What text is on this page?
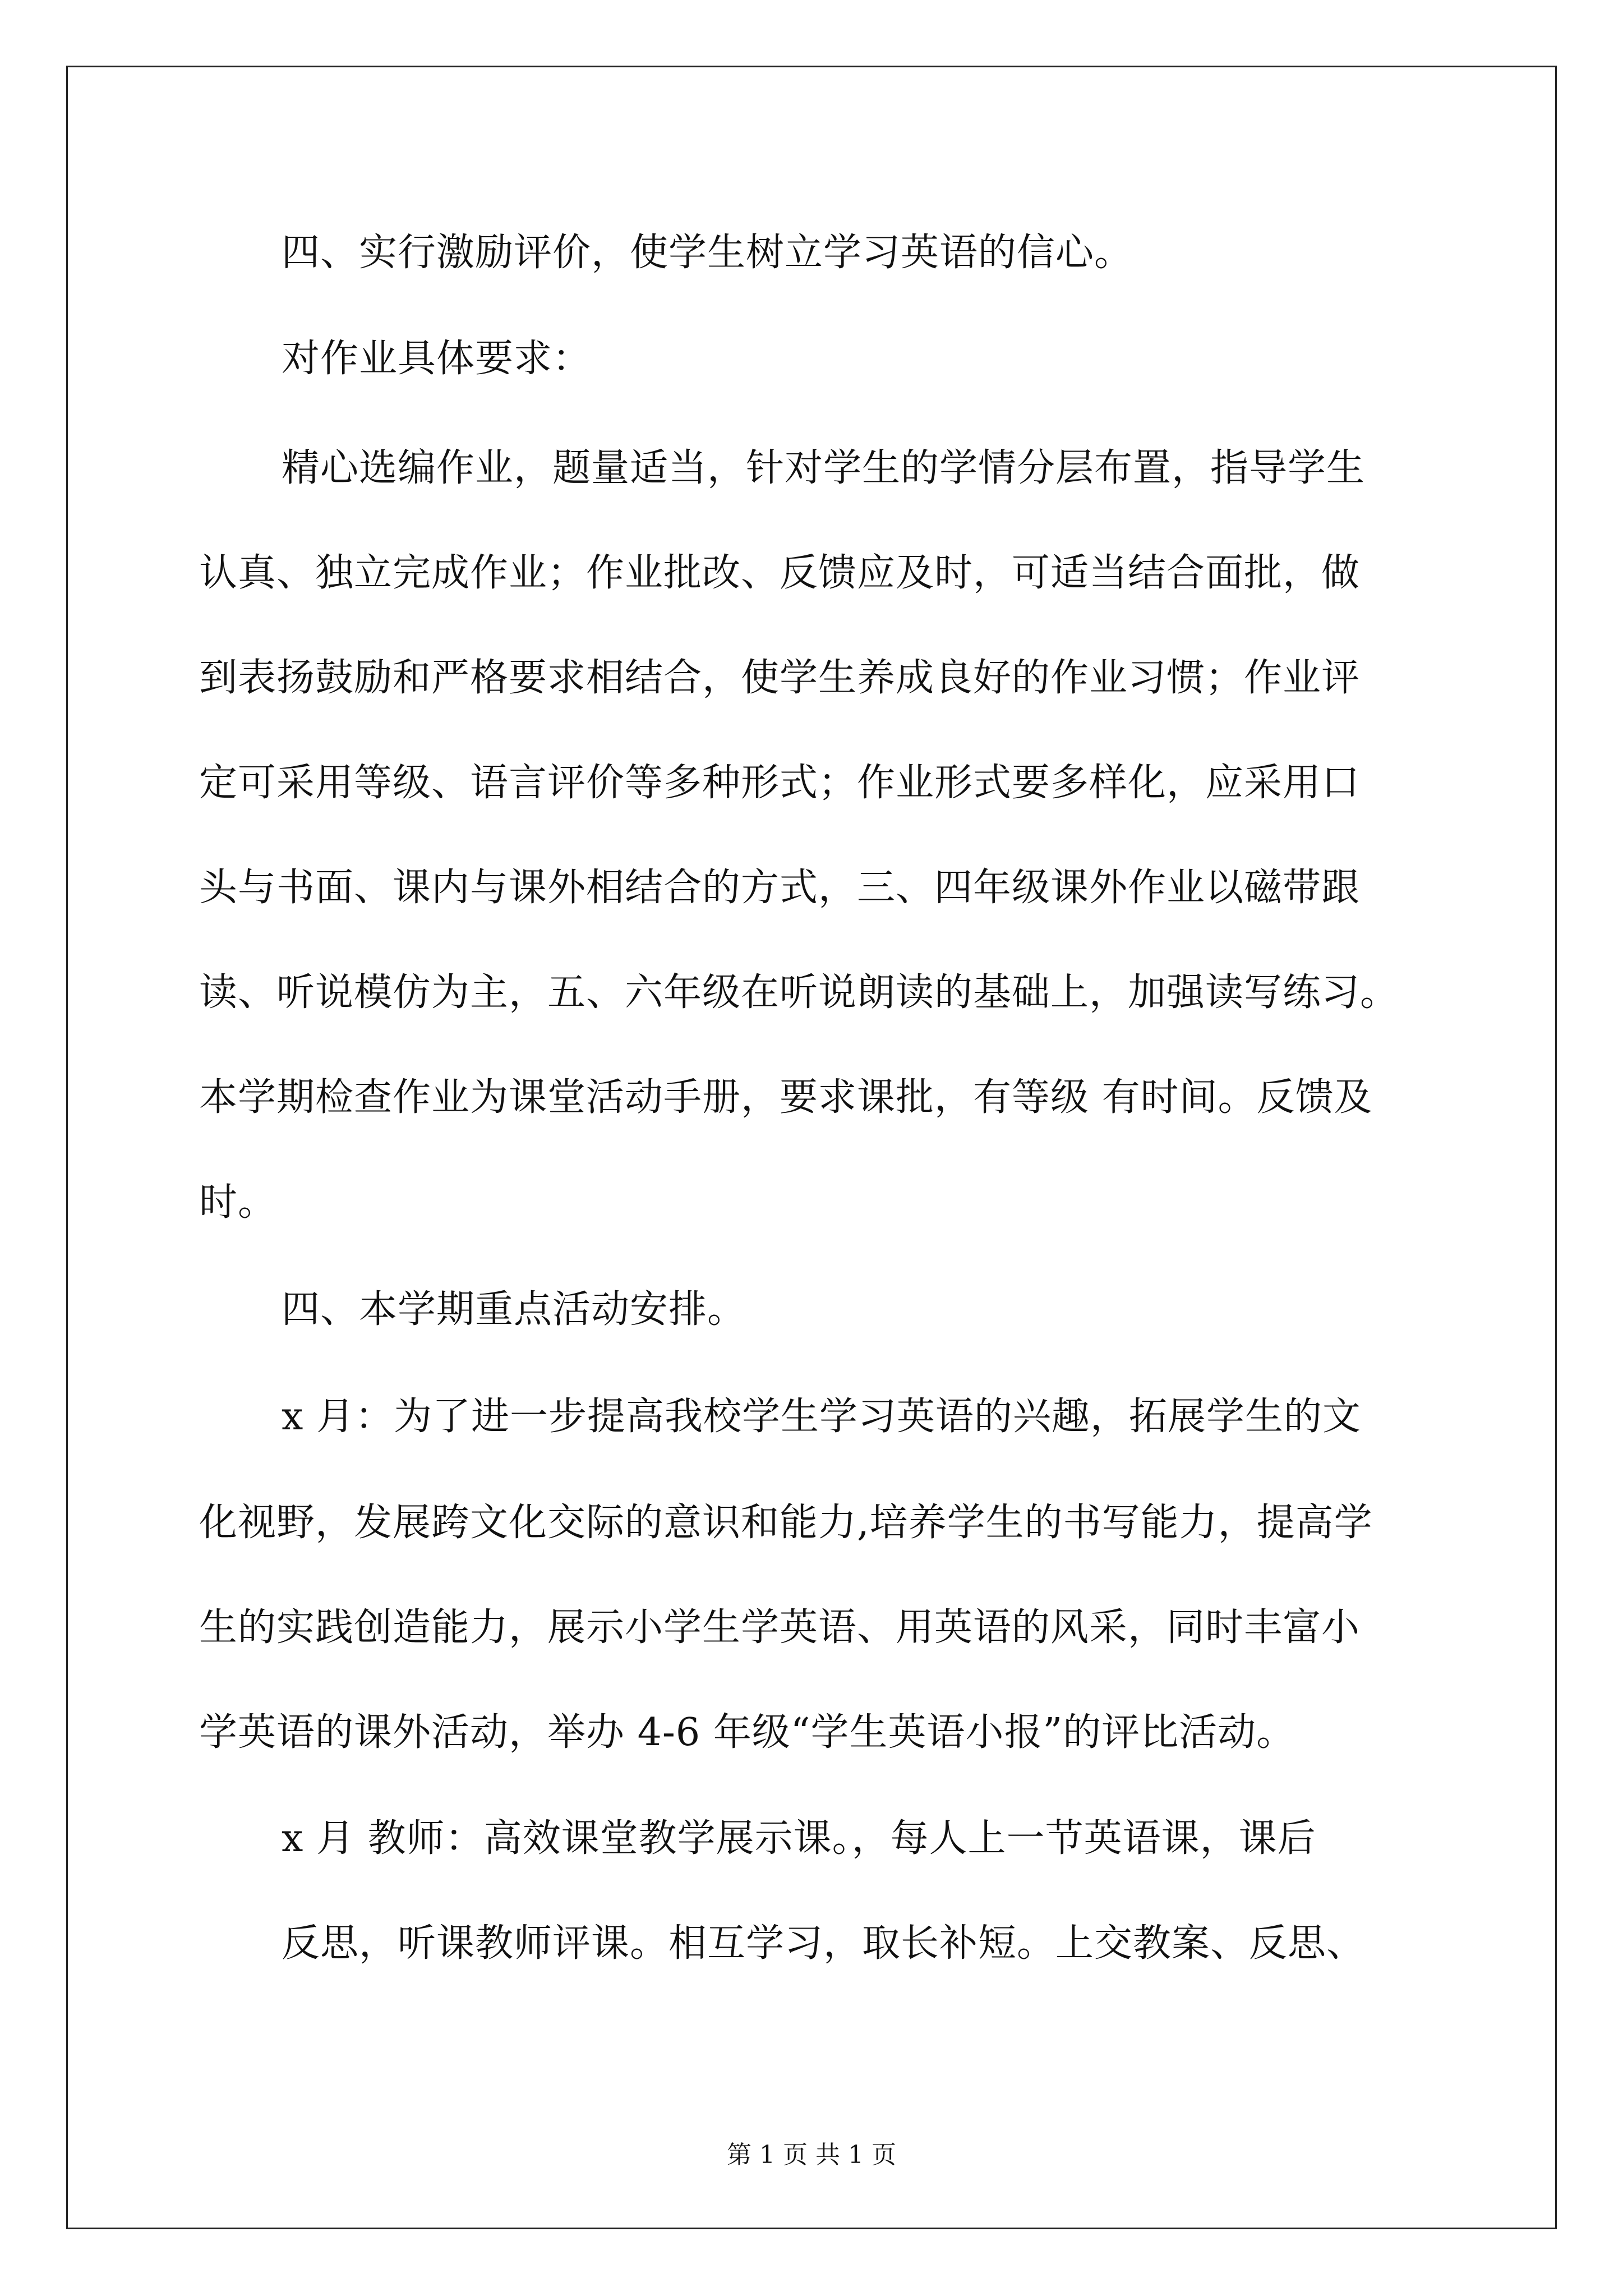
四、实行激励评价，使学生树立学习英语的信心。
对作业具体要求：
精心选编作业，题量适当，针对学生的学情分层布置，指导学生
认真、独立完成作业；作业批改、反馈应及时，可适当结合面批，做
到表扬鼓励和严格要求相结合，使学生养成良好的作业习惯；作业评
定可采用等级、语言评价等多种形式；作业形式要多样化，应采用口
头与书面、课内与课外相结合的方式，三、四年级课外作业以磁带跟
读、听说模仿为主，五、六年级在听说朗读的基础上，加强读写练习。
本学期检查作业为课堂活动手册，要求课批，有等级 有时间。反馈及
时。
四、本学期重点活动安排。
x 月：为了进一步提高我校学生学习英语的兴趣，拓展学生的文
化视野，发展跨文化交际的意识和能力,培养学生的书写能力，提高学
生的实践创造能力，展示小学生学英语、用英语的风采，同时丰富小
学英语的课外活动，举办 4-6 年级“学生英语小报”的评比活动。
x 月 教师：高效课堂教学展示课。，每人上一节英语课，课后
反思，听课教师评课。相互学习，取长补短。上交教案、反思、
第 1 页 共 1 页
